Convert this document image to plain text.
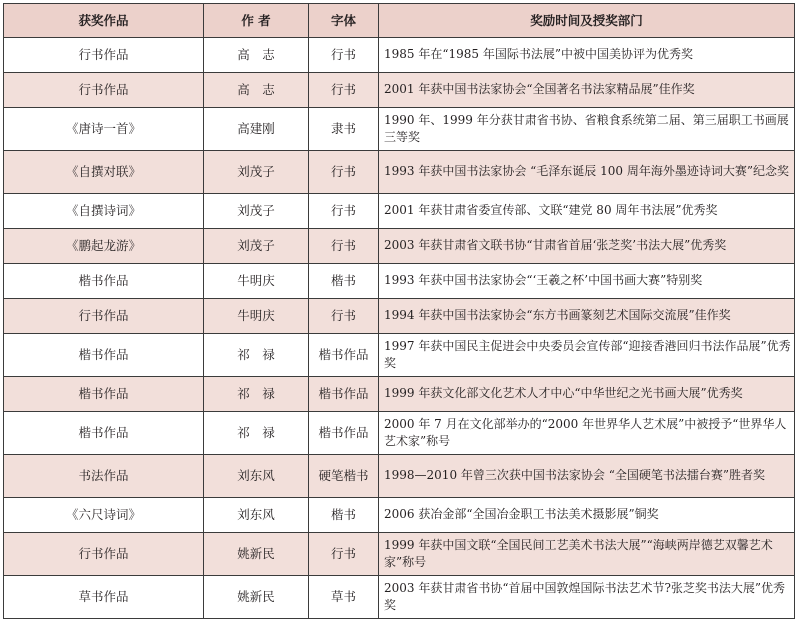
获奖作品	作 者	字体	奖励时间及授奖部门
行书作品	高　志	行书	1985 年在“1985 年国际书法展”中被中国美协评为优秀奖
行书作品	高　志	行书	2001 年获中国书法家协会“全国著名书法家精品展”佳作奖
《唐诗一首》	高建刚	隶书	1990 年、1999 年分获甘肃省书协、省粮食系统第二届、第三届职工书画展三等奖
《自撰对联》	刘茂子	行书	1993 年获中国书法家协会 “毛泽东诞辰 100 周年海外墨迹诗词大赛”纪念奖
《自撰诗词》	刘茂子	行书	2001 年获甘肃省委宣传部、文联“建党 80 周年书法展”优秀奖
《鹏起龙游》	刘茂子	行书	2003 年获甘肃省文联书协“甘肃省首届‘张芝奖’书法大展”优秀奖
楷书作品	牛明庆	楷书	1993 年获中国书法家协会“‘王羲之杯’中国书画大赛”特别奖
行书作品	牛明庆	行书	1994 年获中国书法家协会“东方书画篆刻艺术国际交流展”佳作奖
楷书作品	祁　禄	楷书作品	1997 年获中国民主促进会中央委员会宣传部“迎接香港回归书法作品展”优秀奖
楷书作品	祁　禄	楷书作品	1999 年获文化部文化艺术人才中心“中华世纪之光书画大展”优秀奖
楷书作品	祁　禄	楷书作品	2000 年 7 月在文化部举办的“2000 年世界华人艺术展”中被授予“世界华人艺术家”称号
书法作品	刘东风	硬笔楷书	1998—2010 年曾三次获中国书法家协会 “全国硬笔书法擂台赛”胜者奖
《六尺诗词》	刘东风	楷书	2006 获冶金部“全国冶金职工书法美术摄影展”铜奖
行书作品	姚新民	行书	1999 年获中国文联“全国民间工艺美术书法大展”“海峡两岸德艺双馨艺术家”称号
草书作品	姚新民	草书	2003 年获甘肃省书协“首届中国敦煌国际书法艺术节?张芝奖书法大展”优秀奖
